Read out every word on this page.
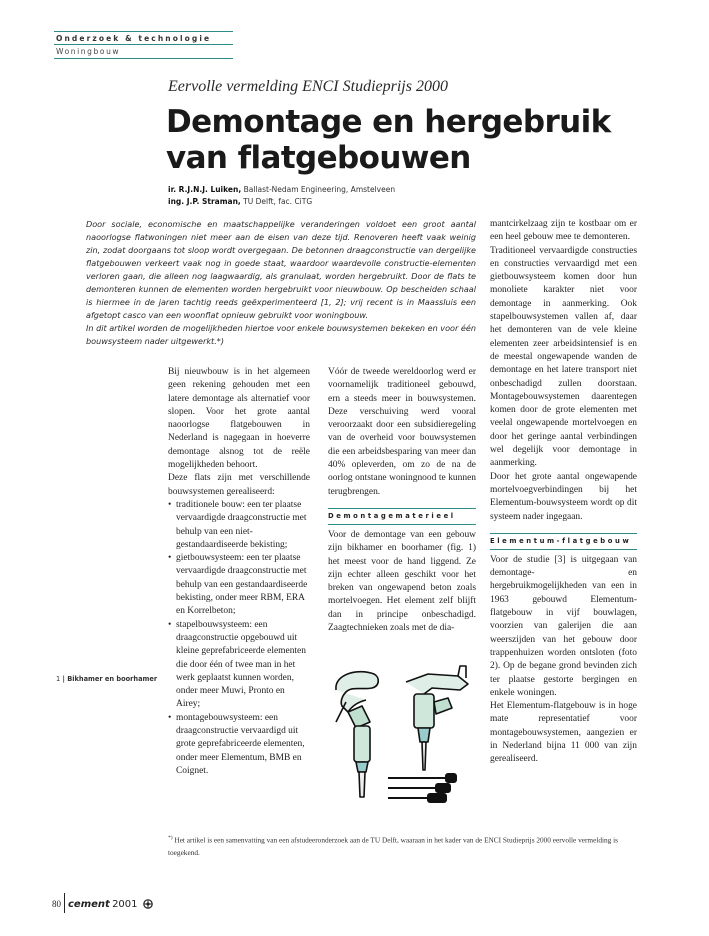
Onderzoek & technologie
Woningbouw
Eervolle vermelding ENCI Studieprijs 2000
Demontage en hergebruik
van flatgebouwen
ir. R.J.N.J. Luiken, Ballast-Nedam Engineering, Amstelveen
ing. J.P. Straman, TU Delft, fac. CiTG

Door sociale, economische en maatschappelijke veranderingen voldoet een groot aantal naoorlogse flatwoningen niet meer aan de eisen van deze tijd. Renoveren heeft vaak weinig zin, zodat doorgaans tot sloop wordt overgegaan. De betonnen draagconstructie van dergelijke flatgebouwen verkeert vaak nog in goede staat, waardoor waardevolle constructie-elementen verloren gaan, die alleen nog laagwaardig, als granulaat, worden hergebruikt. Door de flats te demonteren kunnen de elementen worden hergebruikt voor nieuwbouw. Op bescheiden schaal is hiermee in de jaren tachtig reeds geëxperimenteerd [1, 2]; vrij recent is in Maassluis een afgetopt casco van een woonflat opnieuw gebruikt voor woningbouw.

In dit artikel worden de mogelijkheden hiertoe voor enkele bouwsystemen bekeken en voor één bouwsysteem nader uitgewerkt.*)

Bij nieuwbouw is in het algemeen geen rekening gehouden met een latere demontage als alternatief voor slopen. Voor het grote aantal naoorlogse flatgebouwen in Nederland is nagegaan in hoeverre demontage alsnog tot de reële mogelijkheden behoort.

Deze flats zijn met verschillende bouwsystemen gerealiseerd:

• traditionele bouw: een ter plaatse vervaardigde draagconstructie met behulp van een niet-gestandaardiseerde bekisting;
• gietbouwsysteem: een ter plaatse vervaardigde draagconstructie met behulp van een gestandaardiseerde bekisting, onder meer RBM, ERA en Korrelbeton;
• stapelbouwsysteem: een draagconstructie opgebouwd uit kleine geprefabriceerde elementen die door één of twee man in het werk geplaatst kunnen worden, onder meer Muwi, Pronto en Airey;
• montagebouwsysteem: een draagconstructie vervaardigd uit grote geprefabriceerde elementen, onder meer Elementum, BMB en Coignet.

Vóór de tweede wereldoorlog werd er voornamelijk traditioneel gebouwd, ern a steeds meer in bouwsystemen. Deze verschuiving werd vooral veroorzaakt door een subsidieregeling van de overheid voor bouwsystemen die een arbeidsbesparing van meer dan 40% opleverden, om zo de na de oorlog ontstane woningnood te kunnen terugbrengen.

Demontagematerieel

Voor de demontage van een gebouw zijn bikhamer en boorhamer (fig. 1) het meest voor de hand liggend. Ze zijn echter alleen geschikt voor het breken van ongewapend beton zoals mortelvoegen. Het element zelf blijft dan in principe onbeschadigd. Zaagtechnieken zoals met de dia-

mantcirkelzaag zijn te kostbaar om er een heel gebouw mee te demonteren.

Traditioneel vervaardigde constructies en constructies vervaardigd met een gietbouwsysteem komen door hun monoliete karakter niet voor demontage in aanmerking. Ook stapelbouwsystemen vallen af, daar het demonteren van de vele kleine elementen zeer arbeidsintensief is en de meestal ongewapende wanden de demontage en het latere transport niet onbeschadigd zullen doorstaan. Montagebouwsystemen daarentegen komen door de grote elementen met veelal ongewapende mortelvoegen en door het geringe aantal verbindingen wel degelijk voor demontage in aanmerking.

Door het grote aantal ongewapende mortelvoegverbindingen bij het Elementum-bouwsysteem wordt op dit systeem nader ingegaan.

Elementum-flatgebouw

Voor de studie [3] is uitgegaan van demontage- en hergebruikmogelijkheden van een in 1963 gebouwd Elementum-flatgebouw in vijf bouwlagen, voorzien van galerijen die aan weerszijden van het gebouw door trappenhuizen worden ontsloten (foto 2). Op de begane grond bevinden zich ter plaatse gestorte bergingen en enkele woningen.

Het Elementum-flatgebouw is in hoge mate representatief voor montagebouwsystemen, aangezien er in Nederland bijna 11 000 van zijn gerealiseerd.

1 | Bikhamer en boorhamer
*) Het artikel is een samenvatting van een afstudeeronderzoek aan de TU Delft, waaraan in het kader van de ENCI Studieprijs 2000 eervolle vermelding is toegekend.
80 cement 2001
